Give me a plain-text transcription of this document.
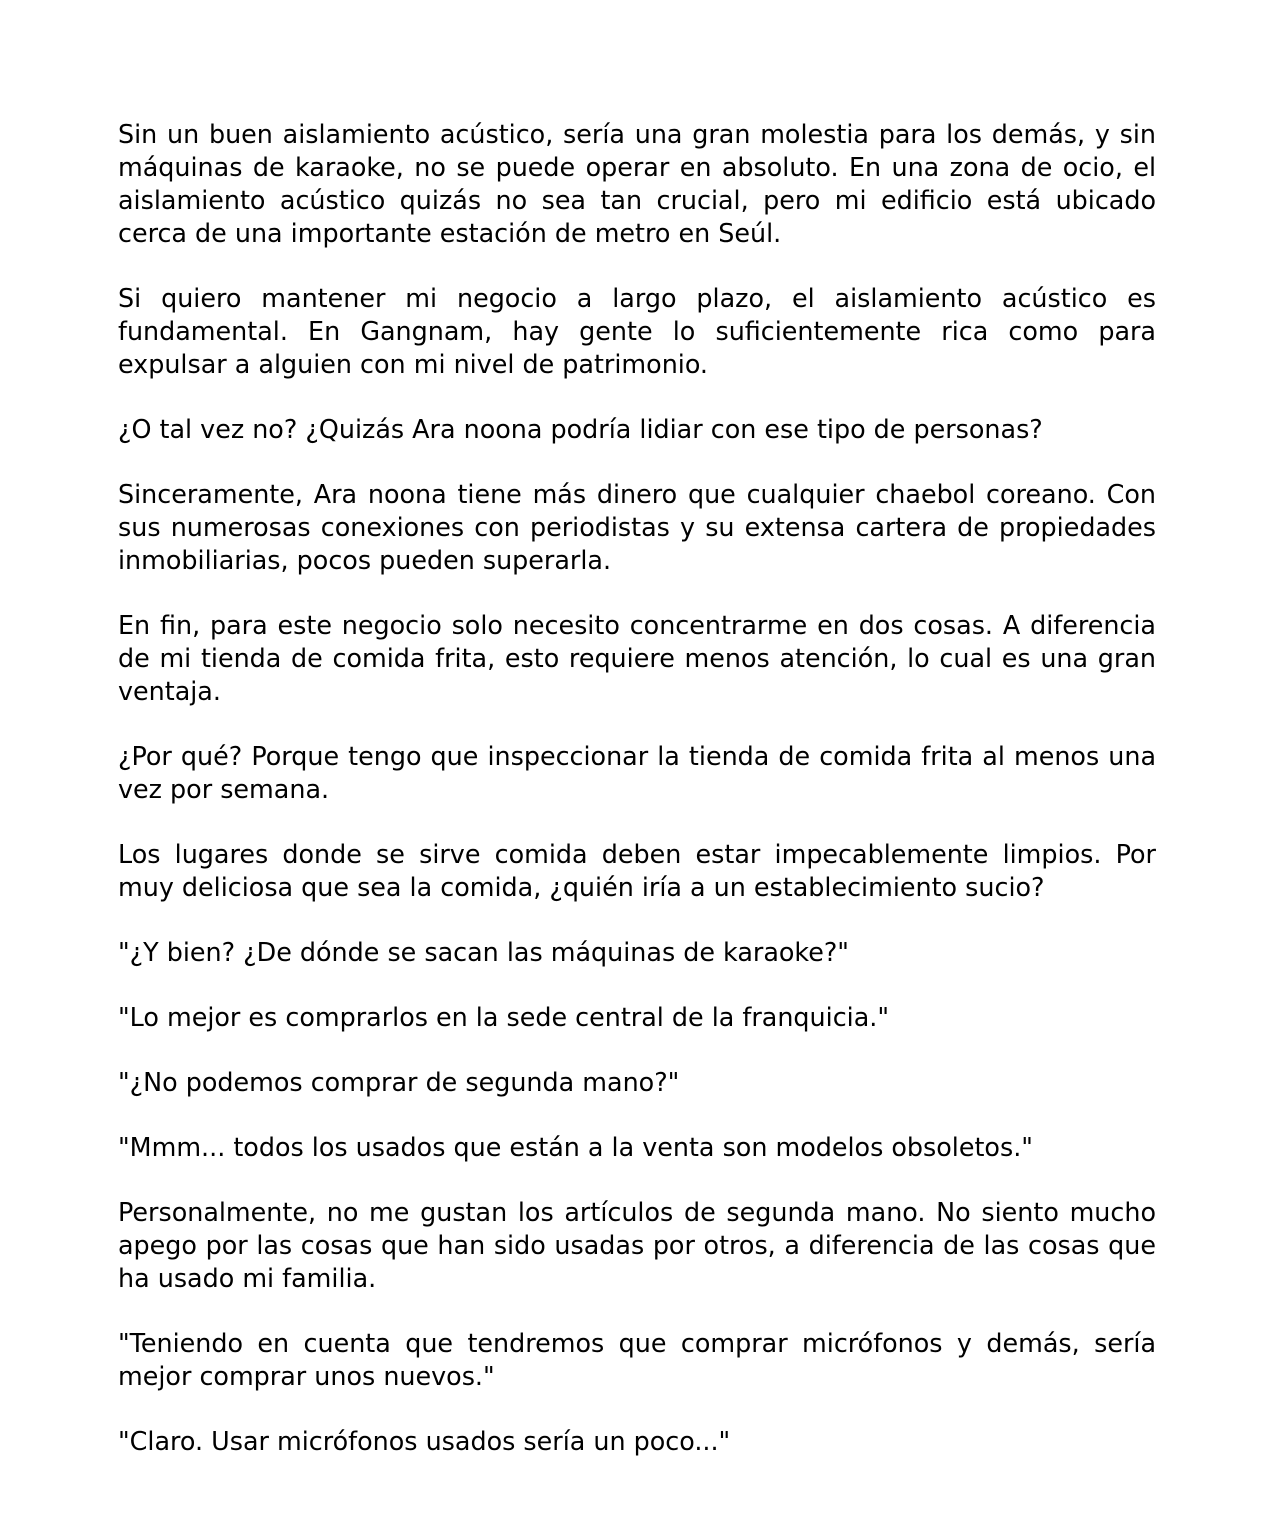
Sin un buen aislamiento acústico, sería una gran molestia para los demás, y sin máquinas de karaoke, no se puede operar en absoluto. En una zona de ocio, el aislamiento acústico quizás no sea tan crucial, pero mi edificio está ubicado cerca de una importante estación de metro en Seúl.

Si quiero mantener mi negocio a largo plazo, el aislamiento acústico es fundamental. En Gangnam, hay gente lo suficientemente rica como para expulsar a alguien con mi nivel de patrimonio.

¿O tal vez no? ¿Quizás Ara noona podría lidiar con ese tipo de personas?

Sinceramente, Ara noona tiene más dinero que cualquier chaebol coreano. Con sus numerosas conexiones con periodistas y su extensa cartera de propiedades inmobiliarias, pocos pueden superarla.

En fin, para este negocio solo necesito concentrarme en dos cosas. A diferencia de mi tienda de comida frita, esto requiere menos atención, lo cual es una gran ventaja.

¿Por qué? Porque tengo que inspeccionar la tienda de comida frita al menos una vez por semana.

Los lugares donde se sirve comida deben estar impecablemente limpios. Por muy deliciosa que sea la comida, ¿quién iría a un establecimiento sucio?

"¿Y bien? ¿De dónde se sacan las máquinas de karaoke?"

"Lo mejor es comprarlos en la sede central de la franquicia."

"¿No podemos comprar de segunda mano?"

"Mmm... todos los usados que están a la venta son modelos obsoletos."

Personalmente, no me gustan los artículos de segunda mano. No siento mucho apego por las cosas que han sido usadas por otros, a diferencia de las cosas que ha usado mi familia.

"Teniendo en cuenta que tendremos que comprar micrófonos y demás, sería mejor comprar unos nuevos."

"Claro. Usar micrófonos usados sería un poco..."
